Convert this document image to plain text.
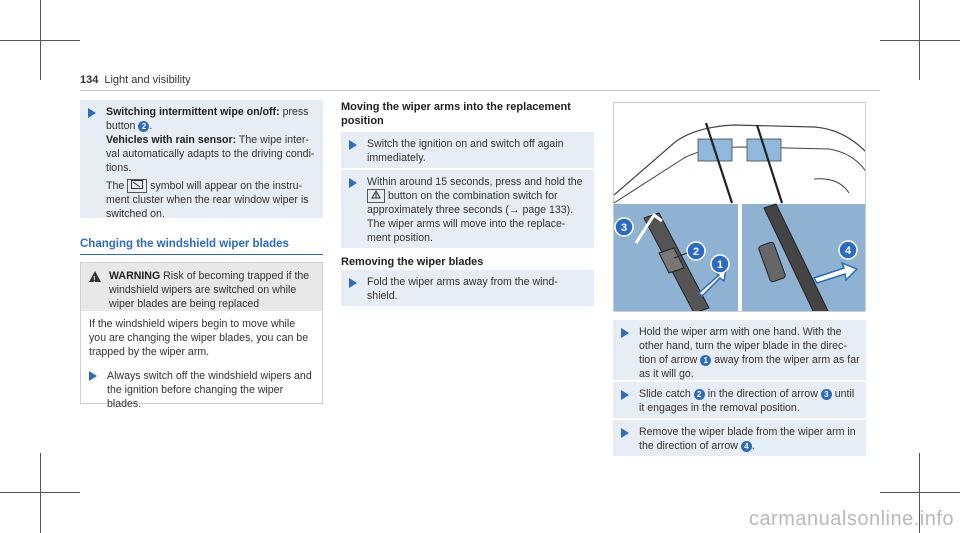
134 Light and visibility

Switching intermittent wipe on/off: press button 2 .
Vehicles with rain sensor: The wipe inter-val automatically adapts to the driving condi-tions.

The symbol will appear on the instru-ment cluster when the rear window wiper is switched on.

Changing the windshield wiper blades
! WARNING Risk of becoming trapped if the windshield wipers are switched on while wiper blades are being replaced
If the windshield wipers begin to move while you are changing the wiper blades, you can be trapped by the wiper arm.
Always switch off the windshield wipers and the ignition before changing the wiper blades.
Moving the wiper arms into the replacement position
Switch the ignition on and switch off again immediately.

Within around 15 seconds, press and hold the  button on the combination switch for approximately three seconds (→ page 133).
The wiper arms will move into the replace-ment position.

Removing the wiper blades
Fold the wiper arms away from the wind-shield.
3
2
1
4
Hold the wiper arm with one hand. With the other hand, turn the wiper blade in the direc-tion of arrow 1 away from the wiper arm as far as it will go.
Slide catch 2 in the direction of arrow 3 until it engages in the removal position.
Remove the wiper blade from the wiper arm in the direction of arrow 4 .
carmanualsonline.info
